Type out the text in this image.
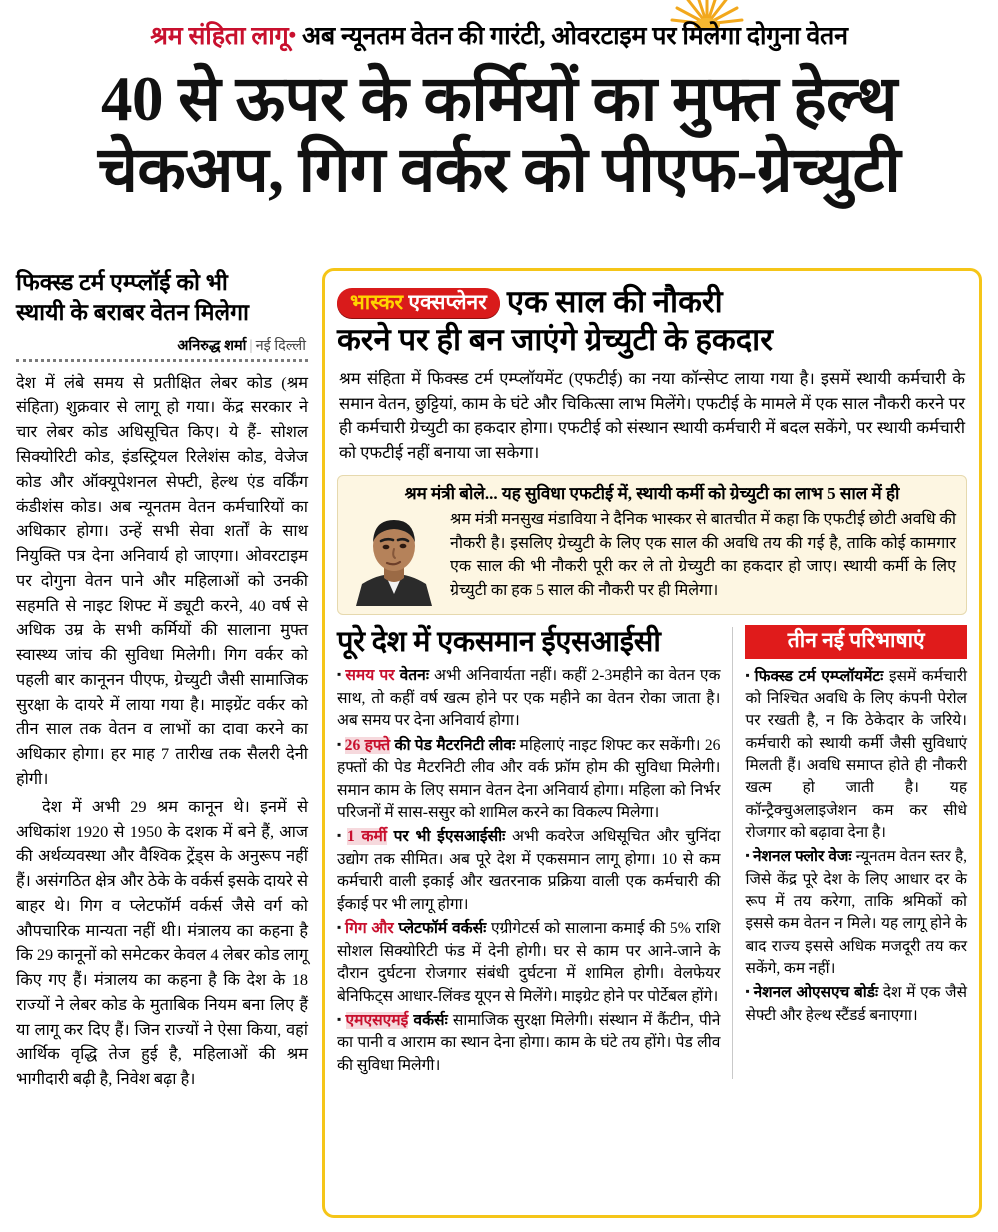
श्रम संहिता लागू• अब न्यूनतम वेतन की गारंटी, ओवरटाइम पर मिलेगा दोगुना वेतन
40 से ऊपर के कर्मियों का मुफ्त हेल्थ
चेकअप, गिग वर्कर को पीएफ-ग्रेच्युटी
फिक्स्ड टर्म एम्प्लॉई को भी
स्थायी के बराबर वेतन मिलेगा
अनिरुद्ध शर्मा | नई दिल्ली

देश में लंबे समय से प्रतीक्षित लेबर कोड (श्रम संहिता) शुक्रवार से लागू हो गया। केंद्र सरकार ने चार लेबर कोड अधिसूचित किए। ये हैं- सोशल सिक्योरिटी कोड, इंडस्ट्रियल रिलेशंस कोड, वेजेज कोड और ऑक्यूपेशनल सेफ्टी, हेल्थ एंड वर्किंग कंडीशंस कोड। अब न्यूनतम वेतन कर्मचारियों का अधिकार होगा। उन्हें सभी सेवा शर्तों के साथ नियुक्ति पत्र देना अनिवार्य हो जाएगा। ओवरटाइम पर दोगुना वेतन पाने और महिलाओं को उनकी सहमति से नाइट शिफ्ट में ड्यूटी करने, 40 वर्ष से अधिक उम्र के सभी कर्मियों की सालाना मुफ्त स्वास्थ्य जांच की सुविधा मिलेगी। गिग वर्कर को पहली बार कानूनन पीएफ, ग्रेच्युटी जैसी सामाजिक सुरक्षा के दायरे में लाया गया है। माइग्रेंट वर्कर को तीन साल तक वेतन व लाभों का दावा करने का अधिकार होगा। हर माह 7 तारीख तक सैलरी देनी होगी।

देश में अभी 29 श्रम कानून थे। इनमें से अधिकांश 1920 से 1950 के दशक में बने हैं, आज की अर्थव्यवस्था और वैश्विक ट्रेंड्स के अनुरूप नहीं हैं। असंगठित क्षेत्र और ठेके के वर्कर्स इसके दायरे से बाहर थे। गिग व प्लेटफॉर्म वर्कर्स जैसे वर्ग को औपचारिक मान्यता नहीं थी। मंत्रालय का कहना है कि 29 कानूनों को समेटकर केवल 4 लेबर कोड लागू किए गए हैं। मंत्रालय का कहना है कि देश के 18 राज्यों ने लेबर कोड के मुताबिक नियम बना लिए हैं या लागू कर दिए हैं। जिन राज्यों ने ऐसा किया, वहां आर्थिक वृद्धि तेज हुई है, महिलाओं की श्रम भागीदारी बढ़ी है, निवेश बढ़ा है।

भास्कर एक्सप्लेनर एक साल की नौकरी
करने पर ही बन जाएंगे ग्रेच्युटी के हकदार
श्रम संहिता में फिक्स्ड टर्म एम्प्लॉयमेंट (एफटीई) का नया कॉन्सेप्ट लाया गया है। इसमें स्थायी कर्मचारी के समान वेतन, छुट्टियां, काम के घंटे और चिकित्सा लाभ मिलेंगे। एफटीई के मामले में एक साल नौकरी करने पर ही कर्मचारी ग्रेच्युटी का हकदार होगा। एफटीई को संस्थान स्थायी कर्मचारी में बदल सकेंगे, पर स्थायी कर्मचारी को एफटीई नहीं बनाया जा सकेगा।
श्रम मंत्री बोले... यह सुविधा एफटीई में, स्थायी कर्मी को ग्रेच्युटी का लाभ 5 साल में ही
श्रम मंत्री मनसुख मंडाविया ने दैनिक भास्कर से बातचीत में कहा कि एफटीई छोटी अवधि की नौकरी है। इसलिए ग्रेच्युटी के लिए एक साल की अवधि तय की गई है, ताकि कोई कामगार एक साल की भी नौकरी पूरी कर ले तो ग्रेच्युटी का हकदार हो जाए। स्थायी कर्मी के लिए ग्रेच्युटी का हक 5 साल की नौकरी पर ही मिलेगा।
पूरे देश में एकसमान ईएसआईसी
▪ समय पर वेतनः अभी अनिवार्यता नहीं। कहीं 2-3महीने का वेतन एक साथ, तो कहीं वर्ष खत्म होने पर एक महीने का वेतन रोका जाता है। अब समय पर देना अनिवार्य होगा।
▪ 26 हफ्ते की पेड मैटरनिटी लीवः महिलाएं नाइट शिफ्ट कर सकेंगी। 26 हफ्तों की पेड मैटरनिटी लीव और वर्क फ्रॉम होम की सुविधा मिलेगी। समान काम के लिए समान वेतन देना अनिवार्य होगा। महिला को निर्भर परिजनों में सास-ससुर को शामिल करने का विकल्प मिलेगा।
▪ 1 कर्मी पर भी ईएसआईसीः अभी कवरेज अधिसूचित और चुनिंदा उद्योग तक सीमित। अब पूरे देश में एकसमान लागू होगा। 10 से कम कर्मचारी वाली इकाई और खतरनाक प्रक्रिया वाली एक कर्मचारी की ईकाई पर भी लागू होगा।
▪ गिग और प्लेटफॉर्म वर्कर्सः एग्रीगेटर्स को सालाना कमाई की 5% राशि सोशल सिक्योरिटी फंड में देनी होगी। घर से काम पर आने-जाने के दौरान दुर्घटना रोजगार संबंधी दुर्घटना में शामिल होगी। वेलफेयर बेनिफिट्स आधार-लिंक्ड यूएन से मिलेंगे। माइग्रेट होने पर पोर्टेबल होंगे।
▪ एमएसएमई वर्कर्सः सामाजिक सुरक्षा मिलेगी। संस्थान में कैंटीन, पीने का पानी व आराम का स्थान देना होगा। काम के घंटे तय होंगे। पेड लीव की सुविधा मिलेगी।
तीन नई परिभाषाएं
▪ फिक्स्ड टर्म एम्प्लॉयमेंटः इसमें कर्मचारी को निश्चित अवधि के लिए कंपनी पेरोल पर रखती है, न कि ठेकेदार के जरिये। कर्मचारी को स्थायी कर्मी जैसी सुविधाएं मिलती हैं। अवधि समाप्त होते ही नौकरी खत्म हो जाती है। यह कॉन्ट्रैक्चुअलाइजेशन कम कर सीधे रोजगार को बढ़ावा देना है।
▪ नेशनल फ्लोर वेजः न्यूनतम वेतन स्तर है, जिसे केंद्र पूरे देश के लिए आधार दर के रूप में तय करेगा, ताकि श्रमिकों को इससे कम वेतन न मिले। यह लागू होने के बाद राज्य इससे अधिक मजदूरी तय कर सकेंगे, कम नहीं।
▪ नेशनल ओएसएच बोर्डः देश में एक जैसे सेफ्टी और हेल्थ स्टैंडर्ड बनाएगा।
